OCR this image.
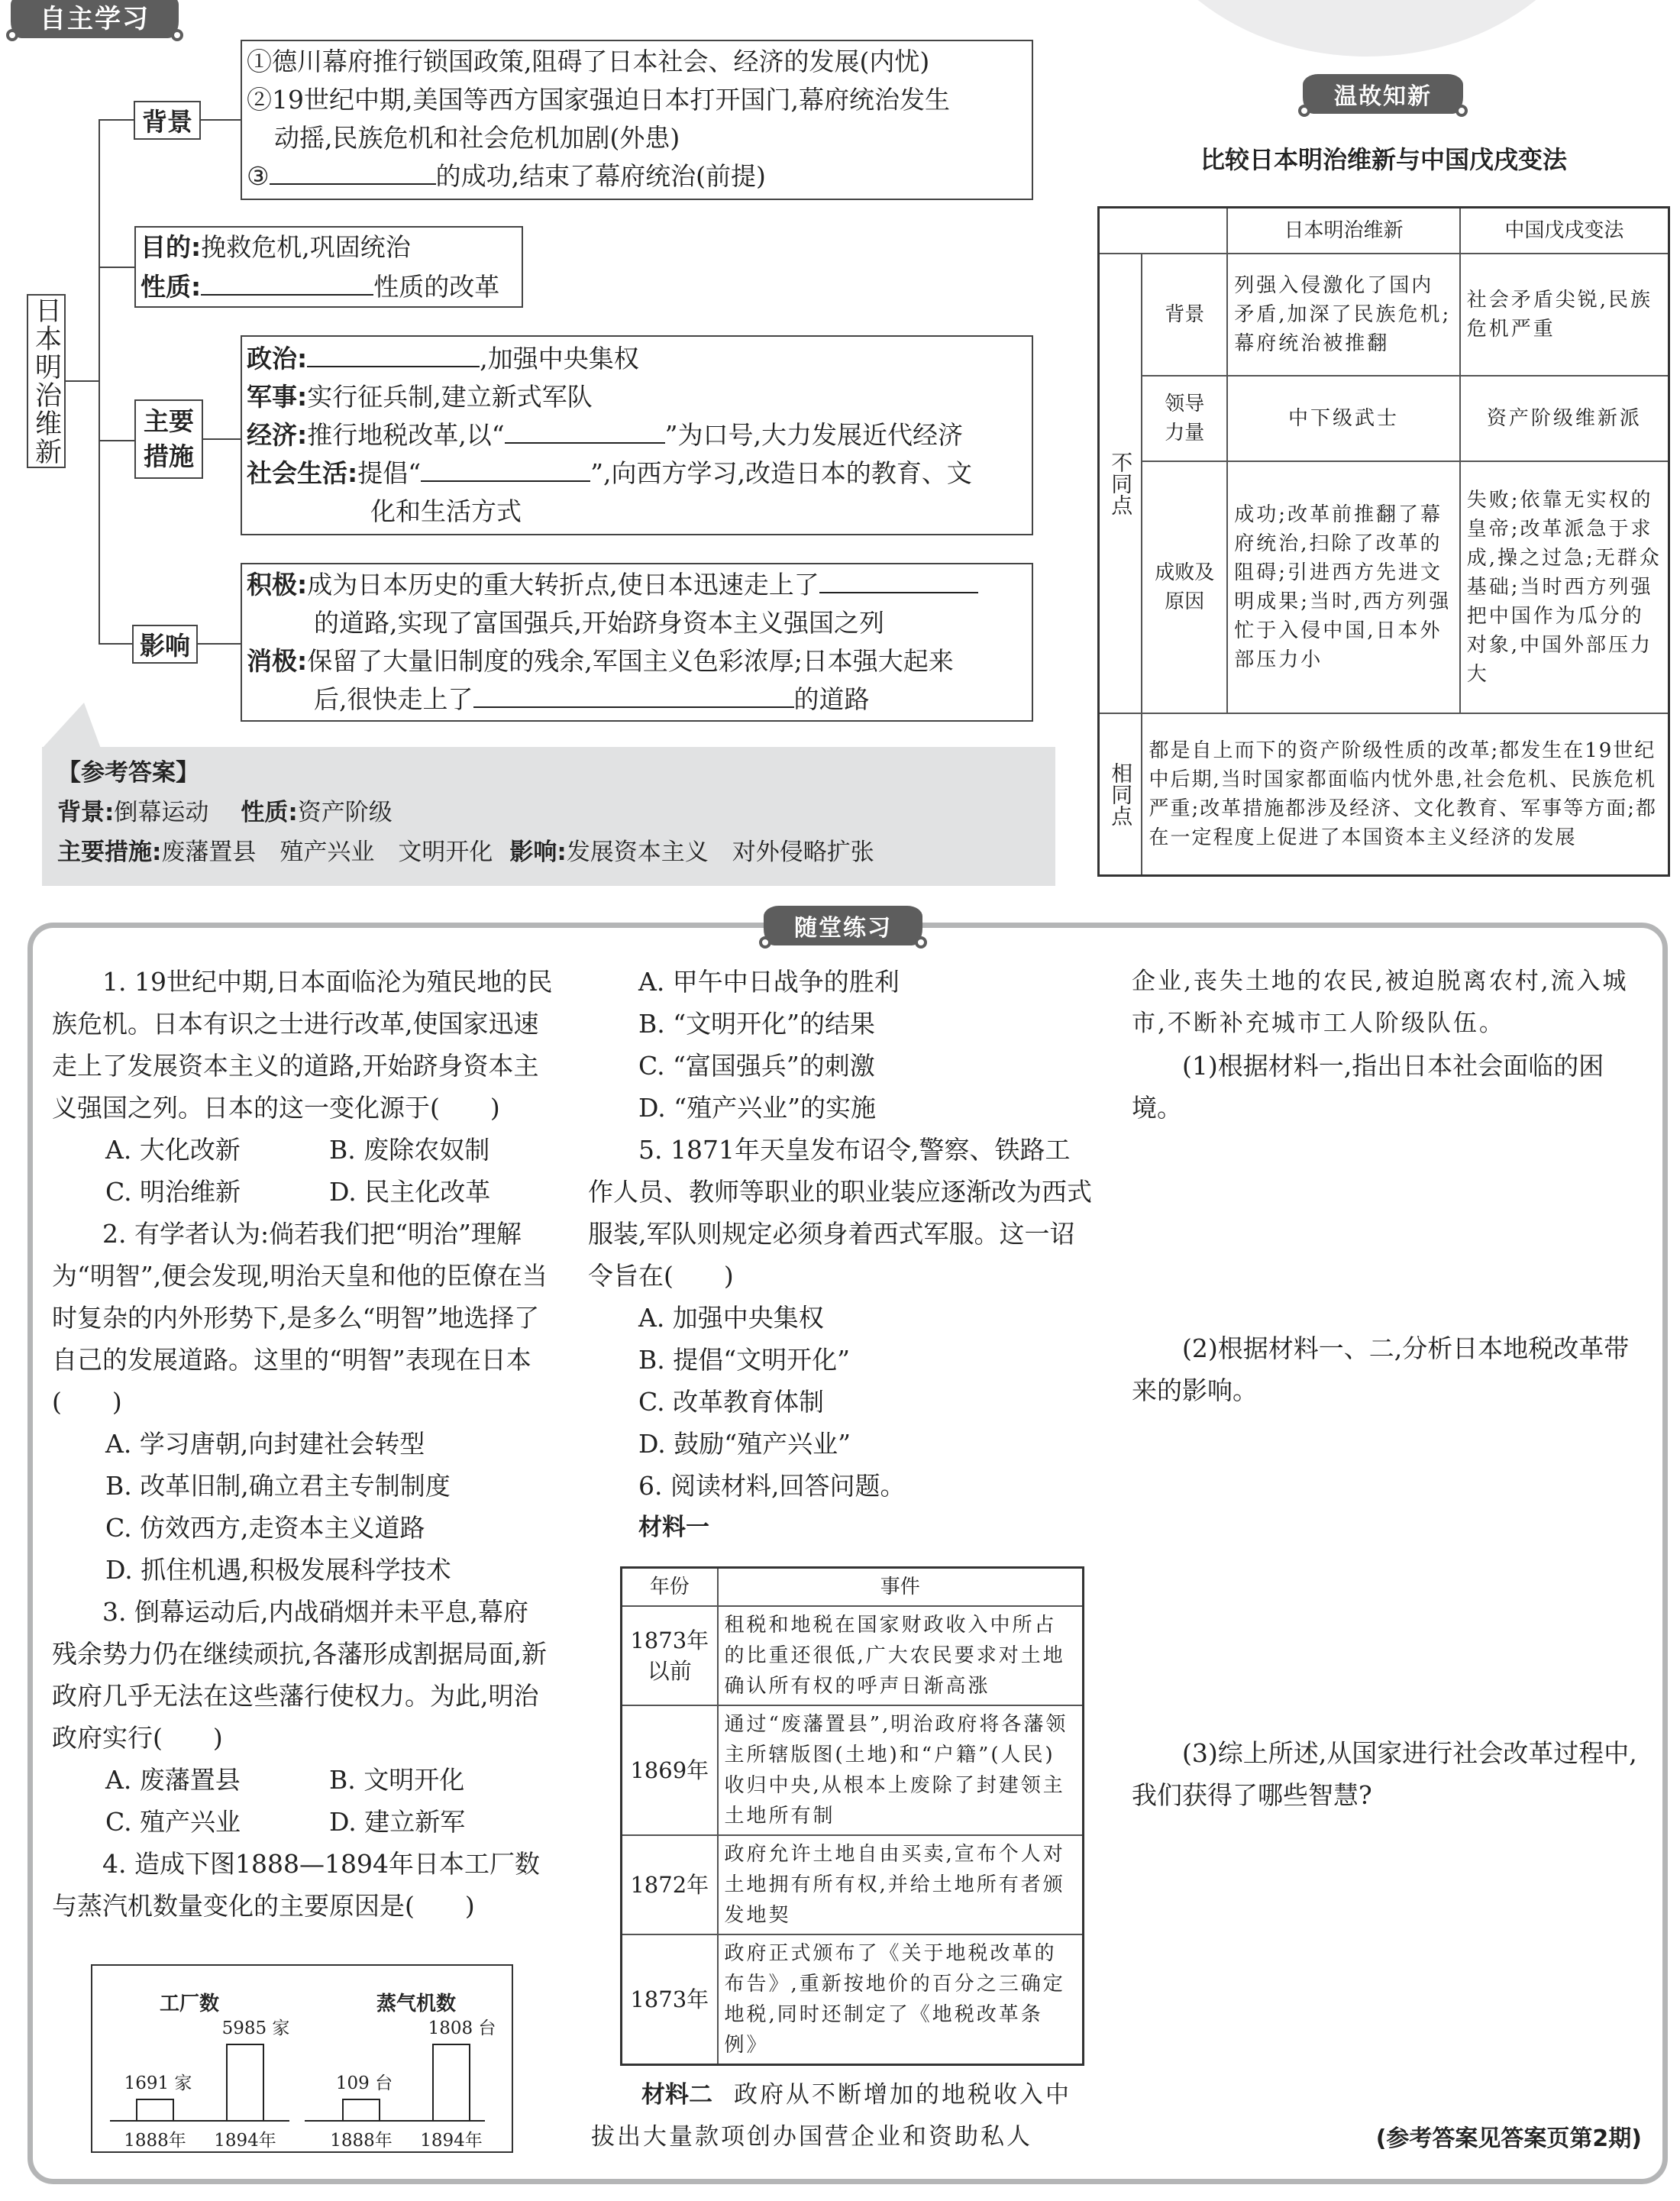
自主学习
日本明治维新
背景
①德川幕府推行锁国政策,阻碍了日本社会、经济的发展(内忧)
②19世纪中期,美国等西方国家强迫日本打开国门,幕府统治发生
动摇,民族危机和社会危机加剧(外患)
③	的成功,结束了幕府统治(前提)
目的:挽救危机,巩固统治
性质:	性质的改革
主要
措施
政治:	,加强中央集权
军事:实行征兵制,建立新式军队
经济:推行地税改革,以“	”为口号,大力发展近代经济
社会生活:提倡“	”,向西方学习,改造日本的教育、文
化和生活方式
影响
积极:成为日本历史的重大转折点,使日本迅速走上了
的道路,实现了富国强兵,开始跻身资本主义强国之列
消极:保留了大量旧制度的残余,军国主义色彩浓厚;日本强大起来
后,很快走上了	的道路
【参考答案】
背景:倒幕运动 性质:资产阶级
主要措施:废藩置县　殖产兴业　文明开化 影响:发展资本主义　对外侵略扩张
温故知新
比较日本明治维新与中国戊戌变法
		日本明治维新	中国戊戌变法

不同点	背景	列强入侵激化了国内矛盾,加深了民族危机;幕府统治被推翻	社会矛盾尖锐,民族危机严重
	领导力量	中下级武士	资产阶级维新派
	成败及原因	成功;改革前推翻了幕府统治,扫除了改革的阻碍;引进西方先进文明成果;当时,西方列强忙于入侵中国,日本外部压力小	失败;依靠无实权的皇帝;改革派急于求成,操之过急;无群众基础;当时西方列强把中国作为瓜分的对象,中国外部压力大

相同点	都是自上而下的资产阶级性质的改革;都发生在19世纪中后期,当时国家都面临内忧外患,社会危机、民族危机严重;改革措施都涉及经济、文化教育、军事等方面;都在一定程度上促进了本国资本主义经济的发展		
随堂练习
1. 19世纪中期,日本面临沦为殖民地的民族危机。日本有识之士进行改革,使国家迅速走上了发展资本主义的道路,开始跻身资本主义强国之列。日本的这一变化源于(　　)
A. 大化改新	B. 废除农奴制
C. 明治维新	D. 民主化改革
2. 有学者认为:倘若我们把“明治”理解为“明智”,便会发现,明治天皇和他的臣僚在当时复杂的内外形势下,是多么“明智”地选择了自己的发展道路。这里的“明智”表现在日本(　　)
A. 学习唐朝,向封建社会转型
B. 改革旧制,确立君主专制制度
C. 仿效西方,走资本主义道路
D. 抓住机遇,积极发展科学技术
3. 倒幕运动后,内战硝烟并未平息,幕府残余势力仍在继续顽抗,各藩形成割据局面,新政府几乎无法在这些藩行使权力。为此,明治政府实行(　　)
A. 废藩置县	B. 文明开化
C. 殖产兴业	D. 建立新军
4. 造成下图1888—1894年日本工厂数与蒸汽机数量变化的主要原因是(　　)
工厂数
1691 家
1888年
5985 家
1894年
蒸气机数
109 台
1888年
1808 台
1894年
A. 甲午中日战争的胜利
B. “文明开化”的结果
C. “富国强兵”的刺激
D. “殖产兴业”的实施
5. 1871年天皇发布诏令,警察、铁路工作人员、教师等职业的职业装应逐渐改为西式服装,军队则规定必须身着西式军服。这一诏令旨在(　　)
A. 加强中央集权
B. 提倡“文明开化”
C. 改革教育体制
D. 鼓励“殖产兴业”
6. 阅读材料,回答问题。
材料一
年份	事件
1873年以前	租税和地税在国家财政收入中所占的比重还很低,广大农民要求对土地确认所有权的呼声日渐高涨
1869年	通过“废藩置县”,明治政府将各藩领主所辖版图(土地)和“户籍”(人民)收归中央,从根本上废除了封建领主土地所有制
1872年	政府允许土地自由买卖,宣布个人对土地拥有所有权,并给土地所有者颁发地契
1873年	政府正式颁布了《关于地税改革的布告》,重新按地价的百分之三确定地税,同时还制定了《地税改革条例》
材料二 政府从不断增加的地税收入中拔出大量款项创办国营企业和资助私人
企业,丧失土地的农民,被迫脱离农村,流入城市,不断补充城市工人阶级队伍。
(1)根据材料一,指出日本社会面临的困境。
(2)根据材料一、二,分析日本地税改革带来的影响。
(3)综上所述,从国家进行社会改革过程中,我们获得了哪些智慧?
(参考答案见答案页第2期)
